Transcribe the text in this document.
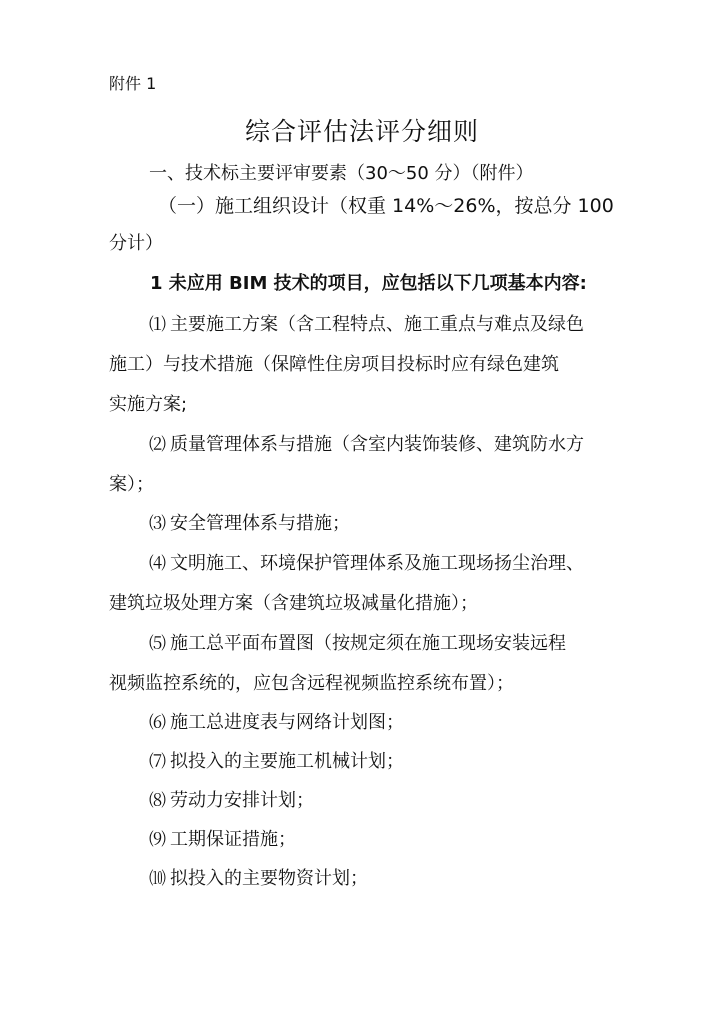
附件 1
综合评估法评分细则
一、技术标主要评审要素（30～50 分）（附件）
（一）施工组织设计（权重 14%～26%，按总分 100
分计）
1 未应用 BIM 技术的项目，应包括以下几项基本内容:
⑴ 主要施工方案（含工程特点、施工重点与难点及绿色
施工）与技术措施（保障性住房项目投标时应有绿色建筑
实施方案;
⑵ 质量管理体系与措施（含室内装饰装修、建筑防水方
案）；
⑶ 安全管理体系与措施；
⑷ 文明施工、环境保护管理体系及施工现场扬尘治理、
建筑垃圾处理方案（含建筑垃圾减量化措施）；
⑸ 施工总平面布置图（按规定须在施工现场安装远程
视频监控系统的，应包含远程视频监控系统布置）；
⑹ 施工总进度表与网络计划图；
⑺ 拟投入的主要施工机械计划；
⑻ 劳动力安排计划；
⑼ 工期保证措施；
⑽ 拟投入的主要物资计划；
